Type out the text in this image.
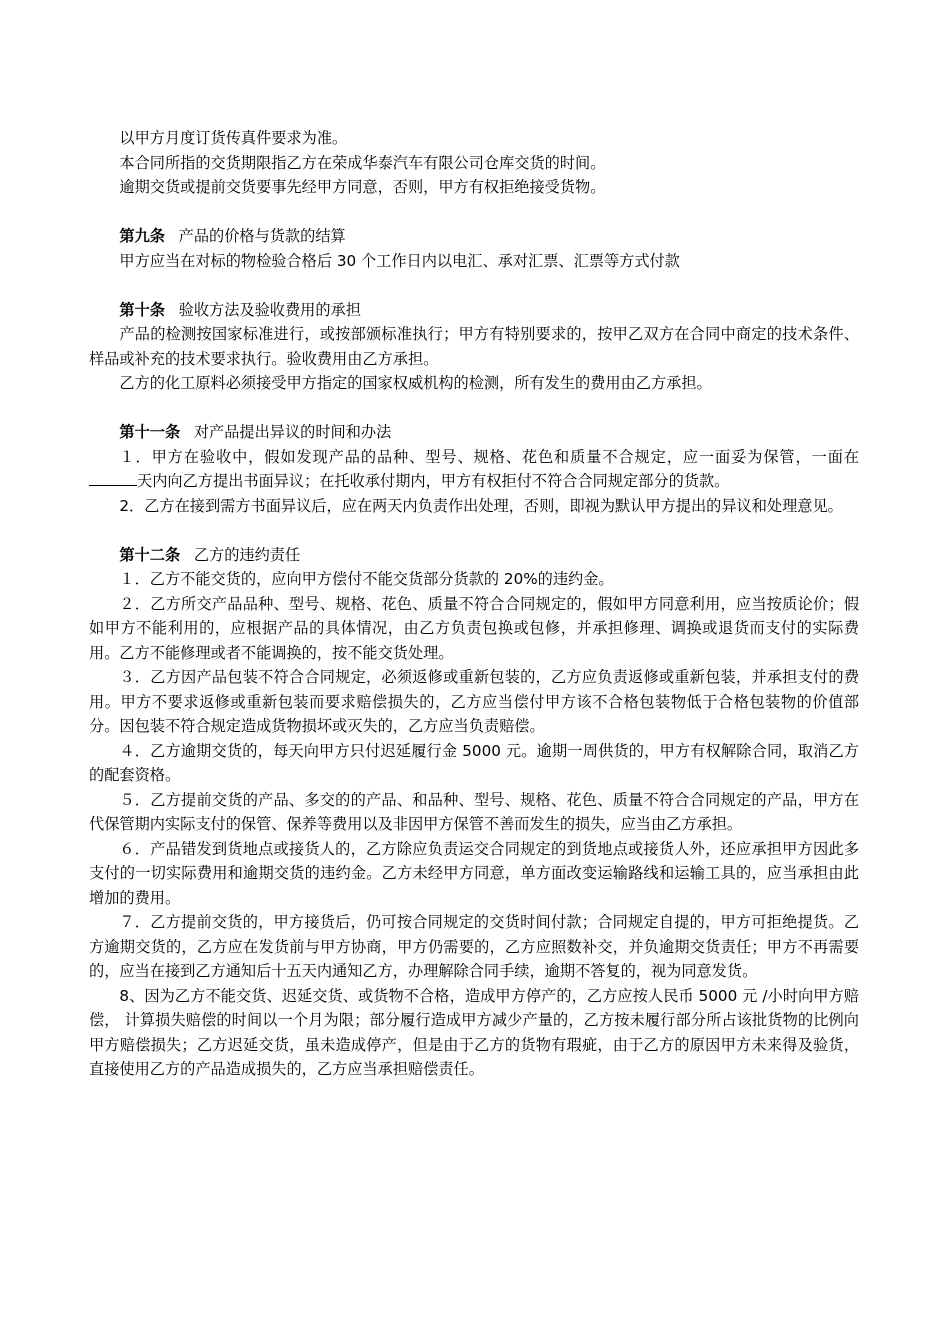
以甲方月度订货传真件要求为准。

本合同所指的交货期限指乙方在荣成华泰汽车有限公司仓库交货的时间。

逾期交货或提前交货要事先经甲方同意，否则，甲方有权拒绝接受货物。

第九条 产品的价格与货款的结算

甲方应当在对标的物检验合格后 30 个工作日内以电汇、承对汇票、汇票等方式付款

第十条 验收方法及验收费用的承担

产品的检测按国家标准进行，或按部颁标准执行；甲方有特别要求的，按甲乙双方在合同中商定的技术条件、样品或补充的技术要求执行。验收费用由乙方承担。

乙方的化工原料必须接受甲方指定的国家权威机构的检测，所有发生的费用由乙方承担。

第十一条 对产品提出异议的时间和办法

１．甲方在验收中，假如发现产品的品种、型号、规格、花色和质量不合规定，应一面妥为保管，一面在天内向乙方提出书面异议；在托收承付期内，甲方有权拒付不符合合同规定部分的货款。

2．乙方在接到需方书面异议后，应在两天内负责作出处理，否则，即视为默认甲方提出的异议和处理意见。

第十二条 乙方的违约责任

１．乙方不能交货的，应向甲方偿付不能交货部分货款的 20%的违约金。

２．乙方所交产品品种、型号、规格、花色、质量不符合合同规定的，假如甲方同意利用，应当按质论价；假如甲方不能利用的，应根据产品的具体情况，由乙方负责包换或包修，并承担修理、调换或退货而支付的实际费用。乙方不能修理或者不能调换的，按不能交货处理。

３．乙方因产品包装不符合合同规定，必须返修或重新包装的，乙方应负责返修或重新包装，并承担支付的费用。甲方不要求返修或重新包装而要求赔偿损失的，乙方应当偿付甲方该不合格包装物低于合格包装物的价值部分。因包装不符合规定造成货物损坏或灭失的，乙方应当负责赔偿。

４．乙方逾期交货的，每天向甲方只付迟延履行金 5000 元。逾期一周供货的，甲方有权解除合同，取消乙方的配套资格。

５．乙方提前交货的产品、多交的的产品、和品种、型号、规格、花色、质量不符合合同规定的产品，甲方在代保管期内实际支付的保管、保养等费用以及非因甲方保管不善而发生的损失，应当由乙方承担。

６．产品错发到货地点或接货人的，乙方除应负责运交合同规定的到货地点或接货人外，还应承担甲方因此多支付的一切实际费用和逾期交货的违约金。乙方未经甲方同意，单方面改变运输路线和运输工具的，应当承担由此增加的费用。

７．乙方提前交货的，甲方接货后，仍可按合同规定的交货时间付款；合同规定自提的，甲方可拒绝提货。乙方逾期交货的，乙方应在发货前与甲方协商，甲方仍需要的，乙方应照数补交，并负逾期交货责任；甲方不再需要的，应当在接到乙方通知后十五天内通知乙方，办理解除合同手续，逾期不答复的，视为同意发货。

8、因为乙方不能交货、迟延交货、或货物不合格，造成甲方停产的，乙方应按人民币 5000 元 /小时向甲方赔偿， 计算损失赔偿的时间以一个月为限；部分履行造成甲方减少产量的，乙方按未履行部分所占该批货物的比例向甲方赔偿损失；乙方迟延交货，虽未造成停产，但是由于乙方的货物有瑕疵，由于乙方的原因甲方未来得及验货，直接使用乙方的产品造成损失的，乙方应当承担赔偿责任。
